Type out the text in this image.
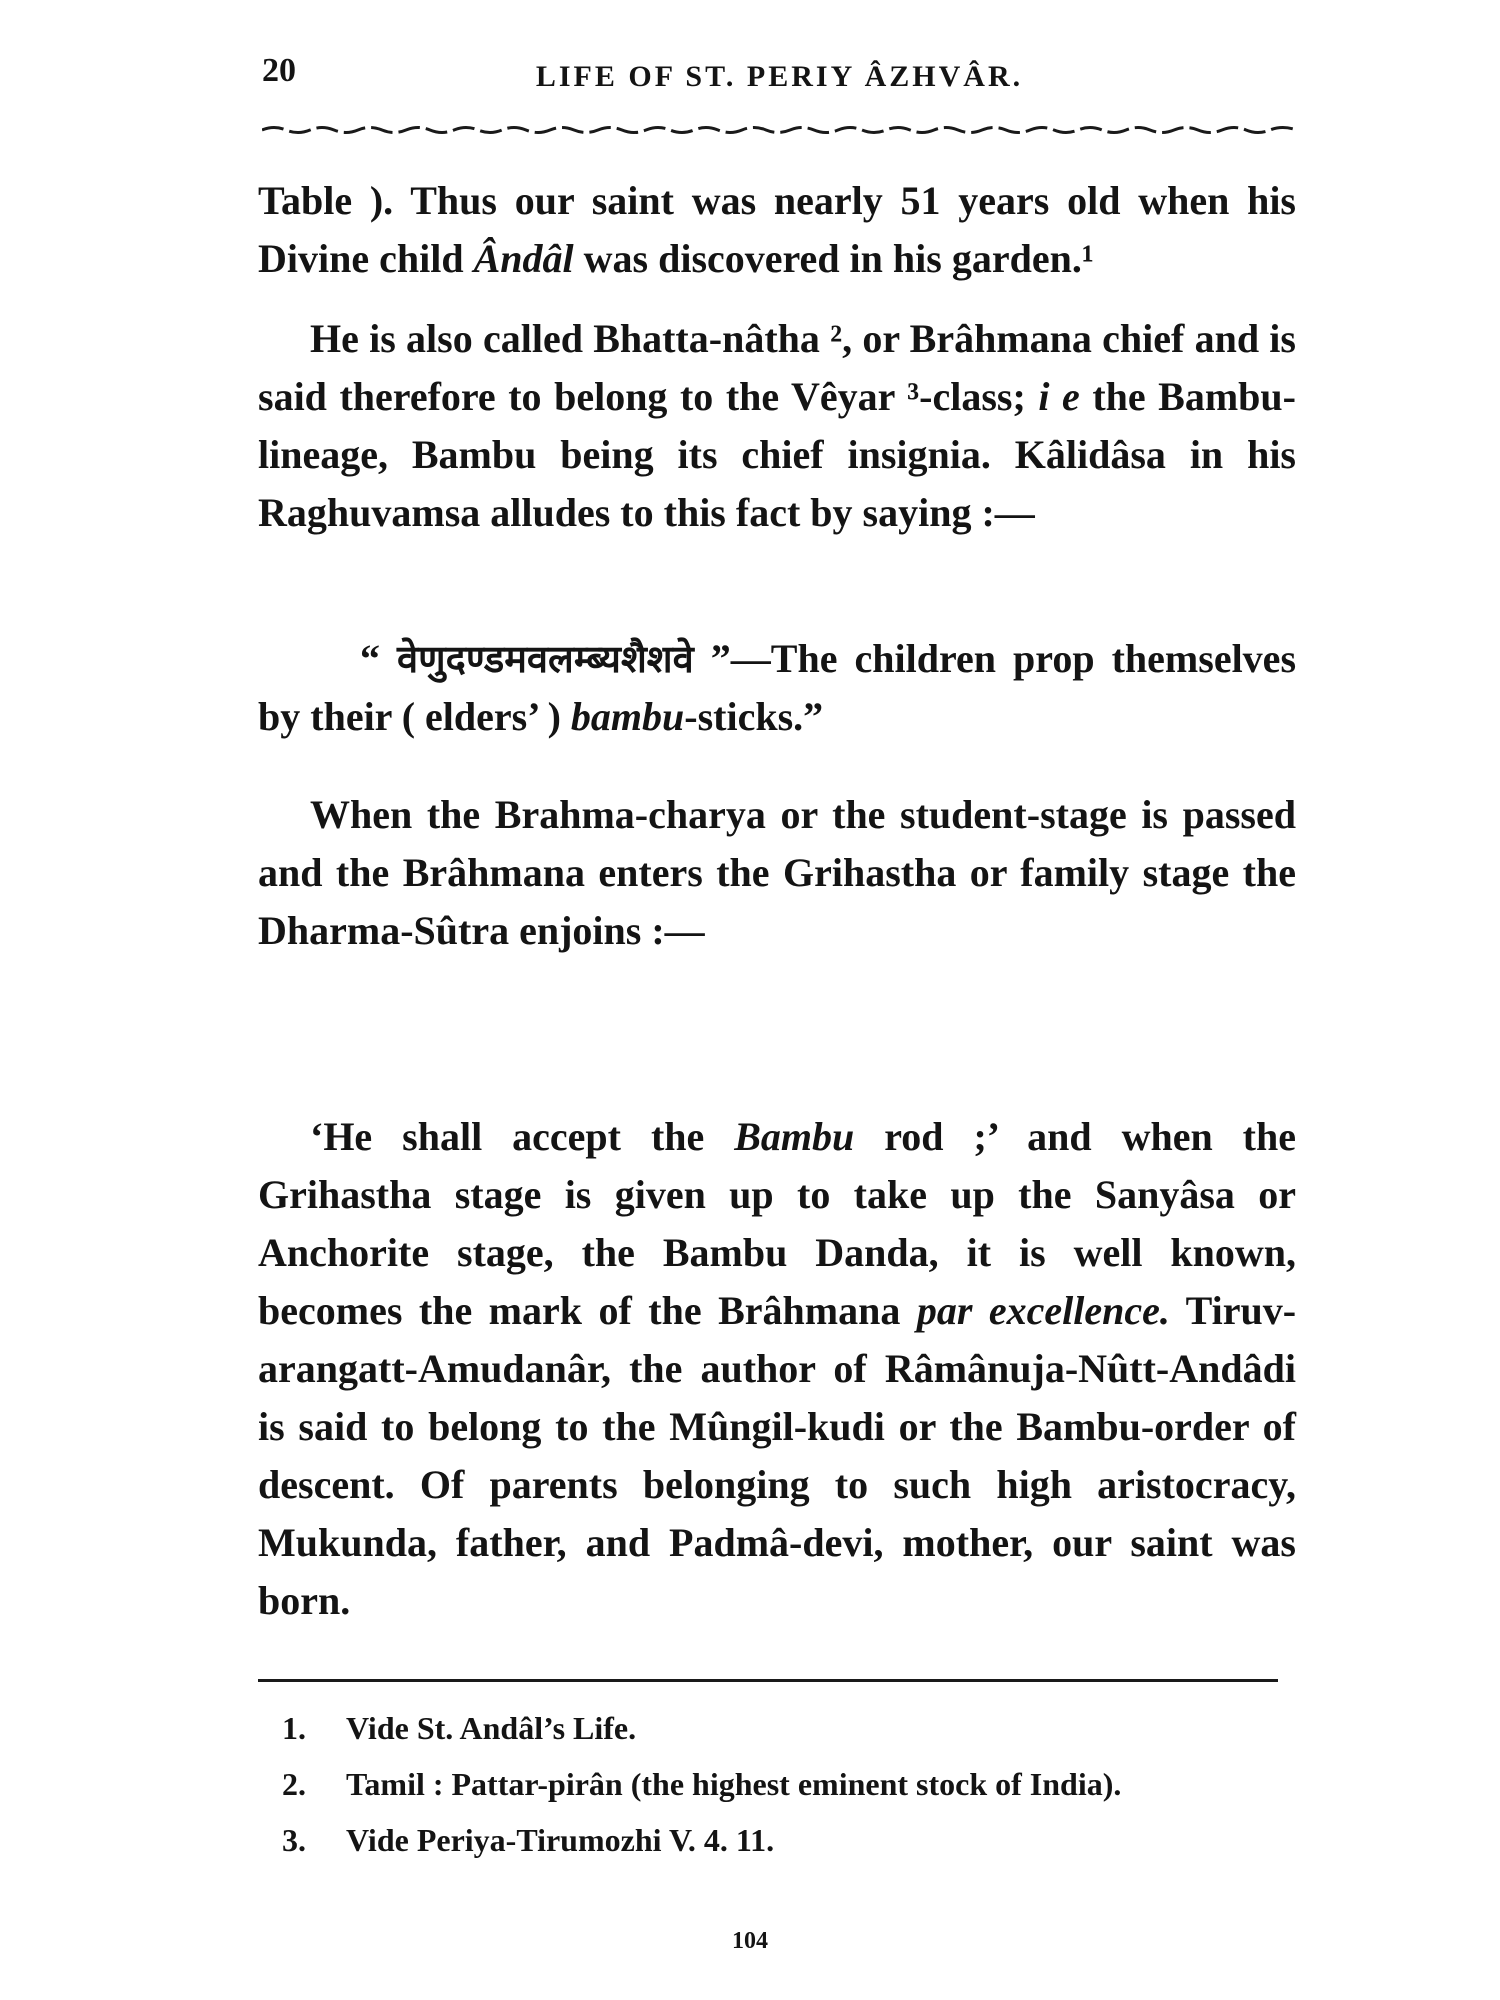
20	LIFE OF ST. PERIY ÂZHVÂR.

Table ). Thus our saint was nearly 51 years old when his Divine child Ândâl was discovered in his garden.¹

He is also called Bhatta-nâtha ², or Brâhmana chief and is said therefore to belong to the Vêyar ³-class; i e the Bambu-lineage, Bambu being its chief insignia. Kâlidâsa in his Raghuvamsa alludes to this fact by saying :—

“ वेणुदण्डमवलम्ब्यशैशवे ”—The children prop themselves by their ( elders’ ) bambu-sticks.”

When the Brahma-charya or the student-stage is passed and the Brâhmana enters the Grihastha or family stage the Dharma-Sûtra enjoins :—

‘He shall accept the Bambu rod ;’ and when the Grihastha stage is given up to take up the Sanyâsa or Anchorite stage, the Bambu Danda, it is well known, becomes the mark of the Brâhmana par excellence. Tiruv-arangatt-Amudanâr, the author of Râmânuja-Nûtt-Andâdi is said to belong to the Mûngil-kudi or the Bambu-order of descent. Of parents belonging to such high aristocracy, Mukunda, father, and Padmâ-devi, mother, our saint was born.

1.	Vide St. Andâl’s Life.
2.	Tamil : Pattar-pirân (the highest eminent stock of India).
3.	Vide Periya-Tirumozhi V. 4. 11.
104
